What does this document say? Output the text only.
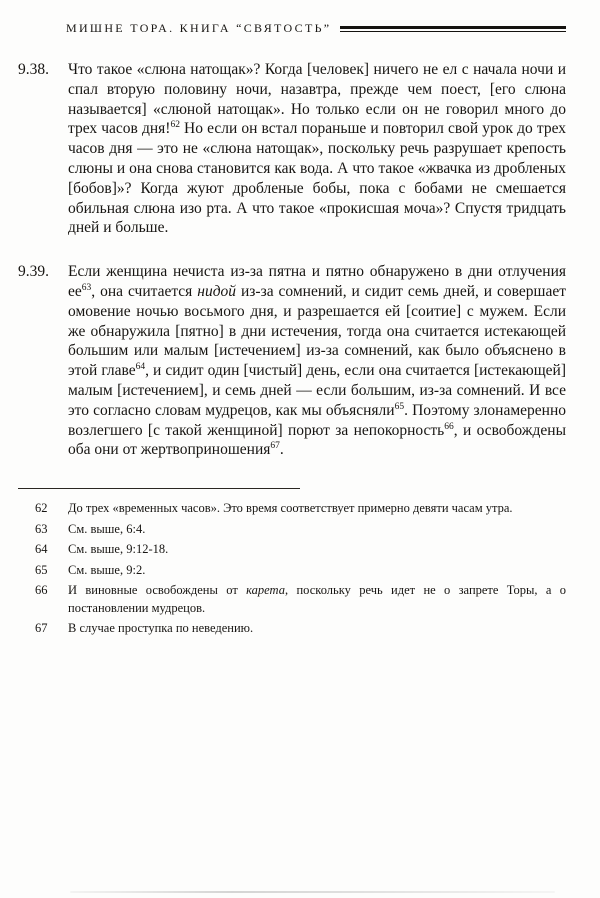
МИШНЕ ТОРА. КНИГА “СВЯТОСТЬ”
9.38.	Что такое «слюна натощак»? Когда [человек] ничего не ел с начала ночи и спал вторую половину ночи, назавтра, прежде чем поест, [его слюна называется] «слюной натощак». Но только если он не говорил много до трех часов дня!$^{62}$ Но если он встал пораньше и повторил свой урок до трех часов дня — это не «слюна натощак», поскольку речь разрушает крепость слюны и она снова становится как вода. А что такое «жвачка из дробленых [бобов]»? Когда жуют дробленые бобы, пока с бобами не смешается обильная слюна изо рта. А что такое «прокисшая моча»? Спустя тридцать дней и больше.
9.39.	Если женщина нечиста из-за пятна и пятно обнаружено в дни отлучения $ее^{63}$, она считается нидой из-за сомнений, и сидит семь дней, и совершает омовение ночью восьмого дня, и разрешается ей [соитие] с мужем. Если же обнаружила [пятно] в дни истечения, тогда она считается истекающей большим или малым [истечением] из-за сомнений, как было объяснено в этой главе$^{64}$, и сидит один [чистый] день, если она считается [истекающей] малым [истечением], и семь дней — если большим, из-за сомнений. И все это согласно словам мудрецов, как мы объясняли$^{65}$. Поэтому злонамеренно возлегшего [с такой женщиной] порют за непокорность$^{66}$, и освобождены оба они от жертвоприношения$^{67}$.
62	До трех «временных часов». Это время соответствует примерно девяти часам утра.
63	См. выше, 6:4.
64	См. выше, 9:12-18.
65	См. выше, 9:2.
66	И виновные освобождены от карета, поскольку речь идет не о запрете Торы, а о постановлении мудрецов.
67	В случае проступка по неведению.
